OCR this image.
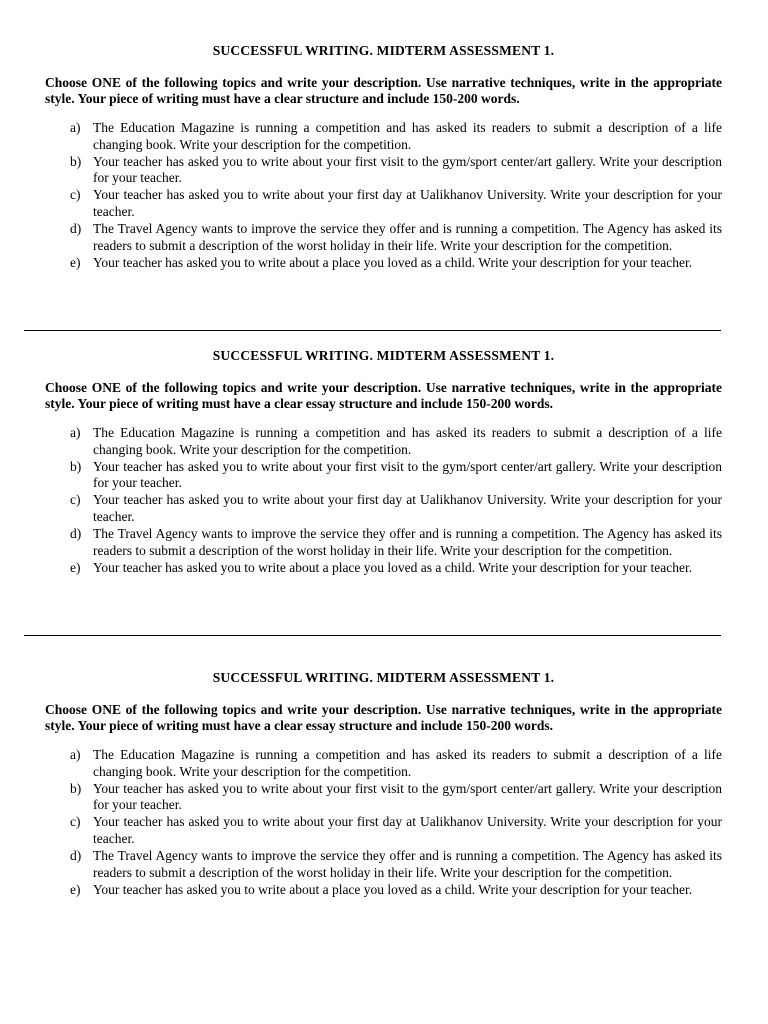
SUCCESSFUL WRITING. MIDTERM ASSESSMENT 1.
Choose ONE of the following topics and write your description. Use narrative techniques, write in the appropriate style. Your piece of writing must have a clear structure and include 150-200 words.
a) The Education Magazine is running a competition and has asked its readers to submit a description of a life changing book. Write your description for the competition.
b) Your teacher has asked you to write about your first visit to the gym/sport center/art gallery. Write your description for your teacher.
c) Your teacher has asked you to write about your first day at Ualikhanov University. Write your description for your teacher.
d) The Travel Agency wants to improve the service they offer and is running a competition. The Agency has asked its readers to submit a description of the worst holiday in their life. Write your description for the competition.
e) Your teacher has asked you to write about a place you loved as a child. Write your description for your teacher.
SUCCESSFUL WRITING. MIDTERM ASSESSMENT 1.
Choose ONE of the following topics and write your description. Use narrative techniques, write in the appropriate style. Your piece of writing must have a clear essay structure and include 150-200 words.
a) The Education Magazine is running a competition and has asked its readers to submit a description of a life changing book. Write your description for the competition.
b) Your teacher has asked you to write about your first visit to the gym/sport center/art gallery. Write your description for your teacher.
c) Your teacher has asked you to write about your first day at Ualikhanov University. Write your description for your teacher.
d) The Travel Agency wants to improve the service they offer and is running a competition. The Agency has asked its readers to submit a description of the worst holiday in their life. Write your description for the competition.
e) Your teacher has asked you to write about a place you loved as a child. Write your description for your teacher.
SUCCESSFUL WRITING. MIDTERM ASSESSMENT 1.
Choose ONE of the following topics and write your description. Use narrative techniques, write in the appropriate style. Your piece of writing must have a clear essay structure and include 150-200 words.
a) The Education Magazine is running a competition and has asked its readers to submit a description of a life changing book. Write your description for the competition.
b) Your teacher has asked you to write about your first visit to the gym/sport center/art gallery. Write your description for your teacher.
c) Your teacher has asked you to write about your first day at Ualikhanov University. Write your description for your teacher.
d) The Travel Agency wants to improve the service they offer and is running a competition. The Agency has asked its readers to submit a description of the worst holiday in their life. Write your description for the competition.
e) Your teacher has asked you to write about a place you loved as a child. Write your description for your teacher.
